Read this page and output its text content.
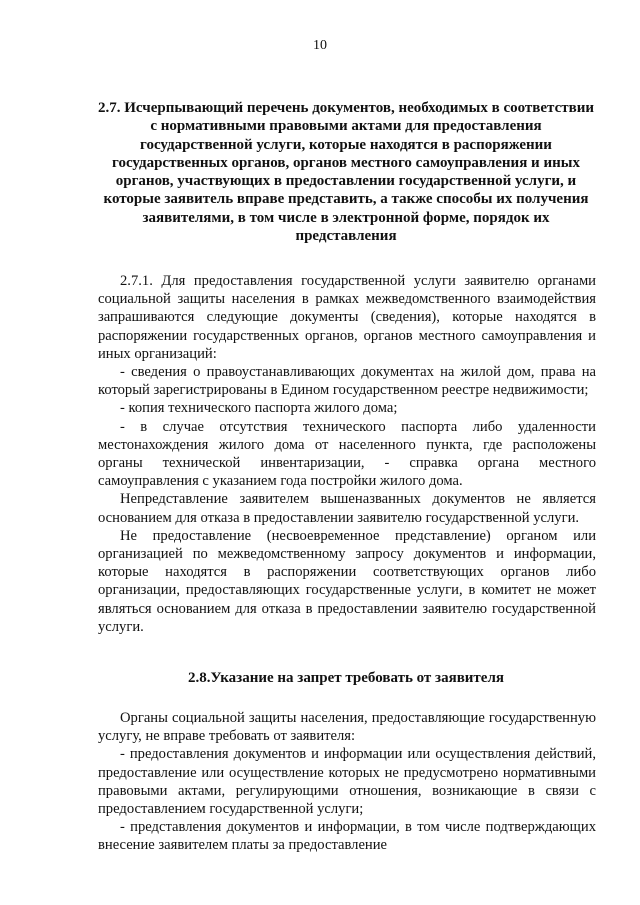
10
2.7. Исчерпывающий перечень документов, необходимых в соответствии с нормативными правовыми актами для предоставления государственной услуги, которые находятся в распоряжении государственных органов, органов местного самоуправления и иных органов, участвующих в предоставлении государственной услуги, и которые заявитель вправе представить, а также способы их получения заявителями, в том числе в электронной форме, порядок их представления

2.7.1. Для предоставления государственной услуги заявителю органами социальной защиты населения в рамках межведомственного взаимодействия запрашиваются следующие документы (сведения), которые находятся в распоряжении государственных органов, органов местного самоуправления и иных организаций:

- сведения о правоустанавливающих документах на жилой дом, права на который зарегистрированы в Едином государственном реестре недвижимости;

- копия технического паспорта жилого дома;

- в случае отсутствия технического паспорта либо удаленности местонахождения жилого дома от населенного пункта, где расположены органы технической инвентаризации, - справка органа местного самоуправления с указанием года постройки жилого дома.

Непредставление заявителем вышеназванных документов не является основанием для отказа в предоставлении заявителю государственной услуги.

Не предоставление (несвоевременное представление) органом или организацией по межведомственному запросу документов и информации, которые находятся в распоряжении соответствующих органов либо организации, предоставляющих государственные услуги, в комитет не может являться основанием для отказа в предоставлении заявителю государственной услуги.

2.8.Указание на запрет требовать от заявителя

Органы социальной защиты населения, предоставляющие государственную услугу, не вправе требовать от заявителя:

- предоставления документов и информации или осуществления действий, предоставление или осуществление которых не предусмотрено нормативными правовыми актами, регулирующими отношения, возникающие в связи с предоставлением государственной услуги;

- представления документов и информации, в том числе подтверждающих внесение заявителем платы за предоставление
